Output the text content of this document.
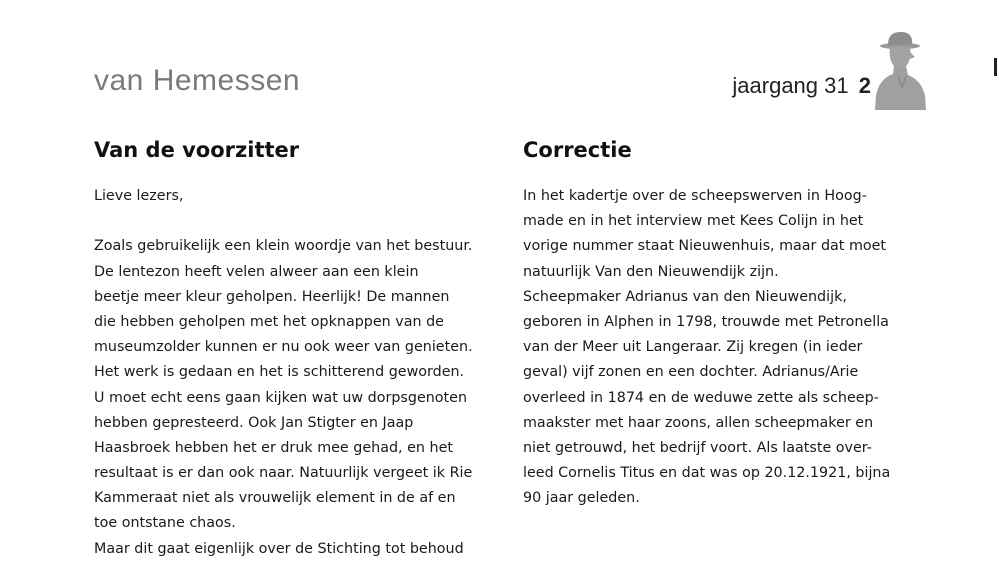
van Hemessen	jaargang 31 2
Van de voorzitter
Lieve lezers,
Zoals gebruikelijk een klein woordje van het bestuur.
De lentezon heeft velen alweer aan een klein
beetje meer kleur geholpen. Heerlijk! De mannen
die hebben geholpen met het opknappen van de
museumzolder kunnen er nu ook weer van genieten.
Het werk is gedaan en het is schitterend geworden.
U moet echt eens gaan kijken wat uw dorpsgenoten
hebben gepresteerd. Ook Jan Stigter en Jaap
Haasbroek hebben het er druk mee gehad, en het
resultaat is er dan ook naar. Natuurlijk vergeet ik Rie
Kammeraat niet als vrouwelijk element in de af en
toe ontstane chaos.
Maar dit gaat eigenlijk over de Stichting tot behoud
Correctie
In het kadertje over de scheepswerven in Hoog-
made en in het interview met Kees Colijn in het
vorige nummer staat Nieuwenhuis, maar dat moet
natuurlijk Van den Nieuwendijk zijn.
Scheepmaker Adrianus van den Nieuwendijk,
geboren in Alphen in 1798, trouwde met Petronella
van der Meer uit Langeraar. Zij kregen (in ieder
geval) vijf zonen en een dochter. Adrianus/Arie
overleed in 1874 en de weduwe zette als scheep-
maakster met haar zoons, allen scheepmaker en
niet getrouwd, het bedrijf voort. Als laatste over-
leed Cornelis Titus en dat was op 20.12.1921, bijna
90 jaar geleden.
